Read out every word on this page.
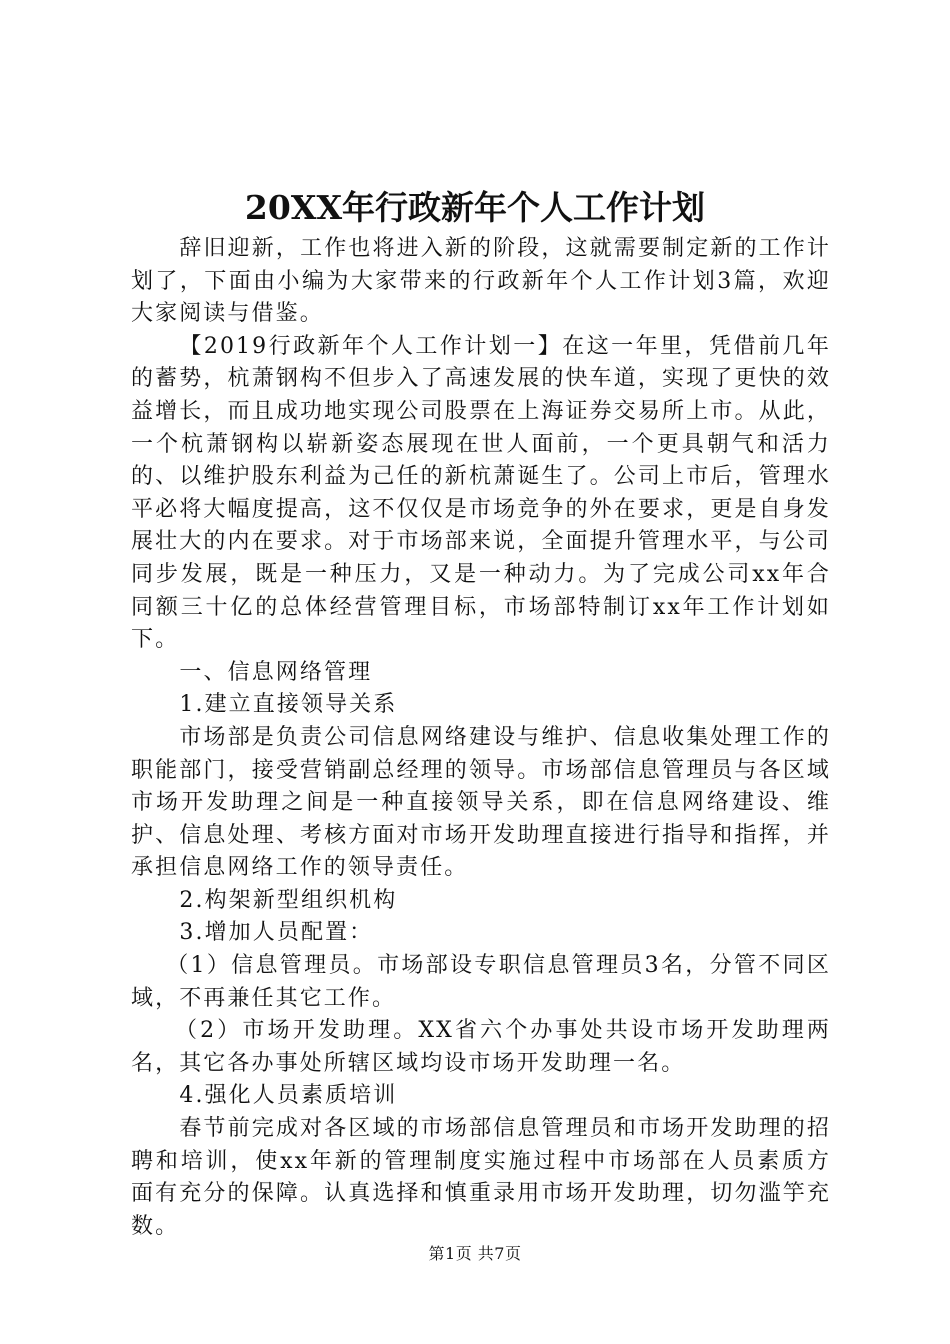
20XX年行政新年个人工作计划

辞旧迎新，工作也将进入新的阶段，这就需要制定新的工作计划了，下面由小编为大家带来的行政新年个人工作计划3篇，欢迎大家阅读与借鉴。

【2019行政新年个人工作计划一】在这一年里，凭借前几年的蓄势，杭萧钢构不但步入了高速发展的快车道，实现了更快的效益增长，而且成功地实现公司股票在上海证券交易所上市。从此，一个杭萧钢构以崭新姿态展现在世人面前，一个更具朝气和活力的、以维护股东利益为己任的新杭萧诞生了。公司上市后，管理水平必将大幅度提高，这不仅仅是市场竞争的外在要求，更是自身发展壮大的内在要求。对于市场部来说，全面提升管理水平，与公司同步发展，既是一种压力，又是一种动力。为了完成公司xx年合同额三十亿的总体经营管理目标，市场部特制订xx年工作计划如下。

一、信息网络管理

1.建立直接领导关系

市场部是负责公司信息网络建设与维护、信息收集处理工作的职能部门，接受营销副总经理的领导。市场部信息管理员与各区域市场开发助理之间是一种直接领导关系，即在信息网络建设、维护、信息处理、考核方面对市场开发助理直接进行指导和指挥，并承担信息网络工作的领导责任。

2.构架新型组织机构

3.增加人员配置：

（1）信息管理员。市场部设专职信息管理员3名，分管不同区域，不再兼任其它工作。

（2）市场开发助理。XX省六个办事处共设市场开发助理两名，其它各办事处所辖区域均设市场开发助理一名。

4.强化人员素质培训

春节前完成对各区域的市场部信息管理员和市场开发助理的招聘和培训，使xx年新的管理制度实施过程中市场部在人员素质方面有充分的保障。认真选择和慎重录用市场开发助理，切勿滥竽充数。

第1页 共7页
